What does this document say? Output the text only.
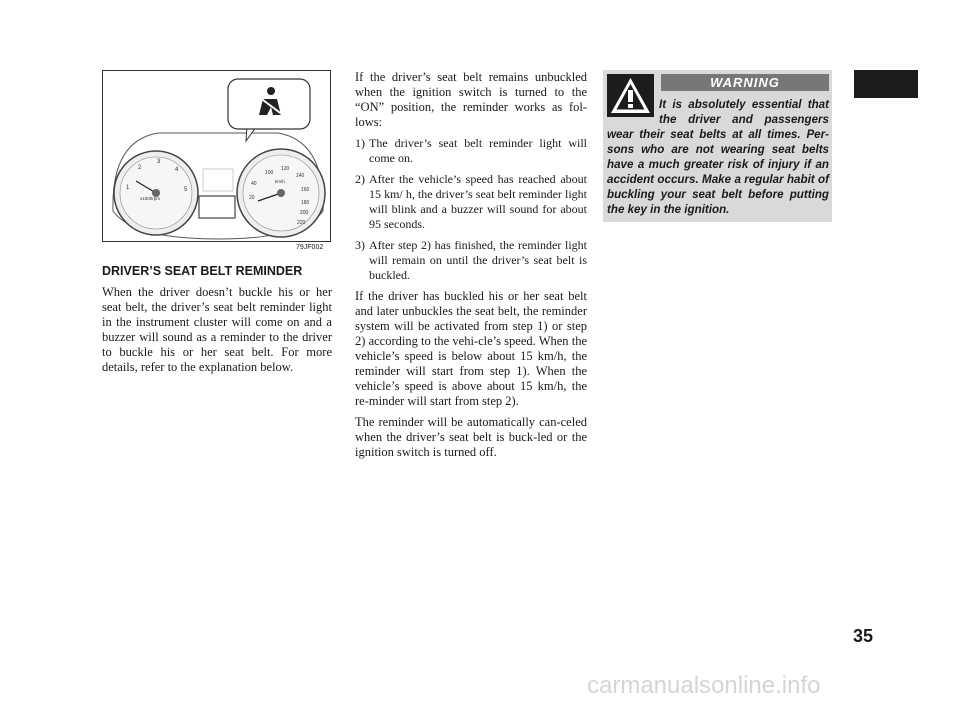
1
2
3
4
5
x1000rpm
100
120
140
160
180
200
220
40
20
km/h
79JF002
DRIVER’S SEAT BELT REMINDER

When the driver doesn’t buckle his or her seat belt, the driver’s seat belt reminder light in the instrument cluster will come on and a buzzer will sound as a reminder to the driver to buckle his or her seat belt. For more details, refer to the explanation below.

If the driver’s seat belt remains unbuckled when the ignition switch is turned to the “ON” position, the reminder works as fol-lows:

1) The driver’s seat belt reminder light will come on.
2) After the vehicle’s speed has reached about 15 km/ h, the driver’s seat belt reminder light will blink and a buzzer will sound for about 95 seconds.
3) After step 2) has finished, the reminder light will remain on until the driver’s seat belt is buckled.

If the driver has buckled his or her seat belt and later unbuckles the seat belt, the reminder system will be activated from step 1) or step 2) according to the vehi-cle’s speed. When the vehicle’s speed is below about 15 km/h, the reminder will start from step 1). When the vehicle’s speed is above about 15 km/h, the re-minder will start from step 2).

The reminder will be automatically can-celed when the driver’s seat belt is buck-led or the ignition switch is turned off.

WARNING
It is absolutely essential that the driver and passengers wear their seat belts at all times. Per-sons who are not wearing seat belts have a much greater risk of injury if an accident occurs. Make a regular habit of buckling your seat belt before putting the key in the ignition.
35
carmanualsonline.info
